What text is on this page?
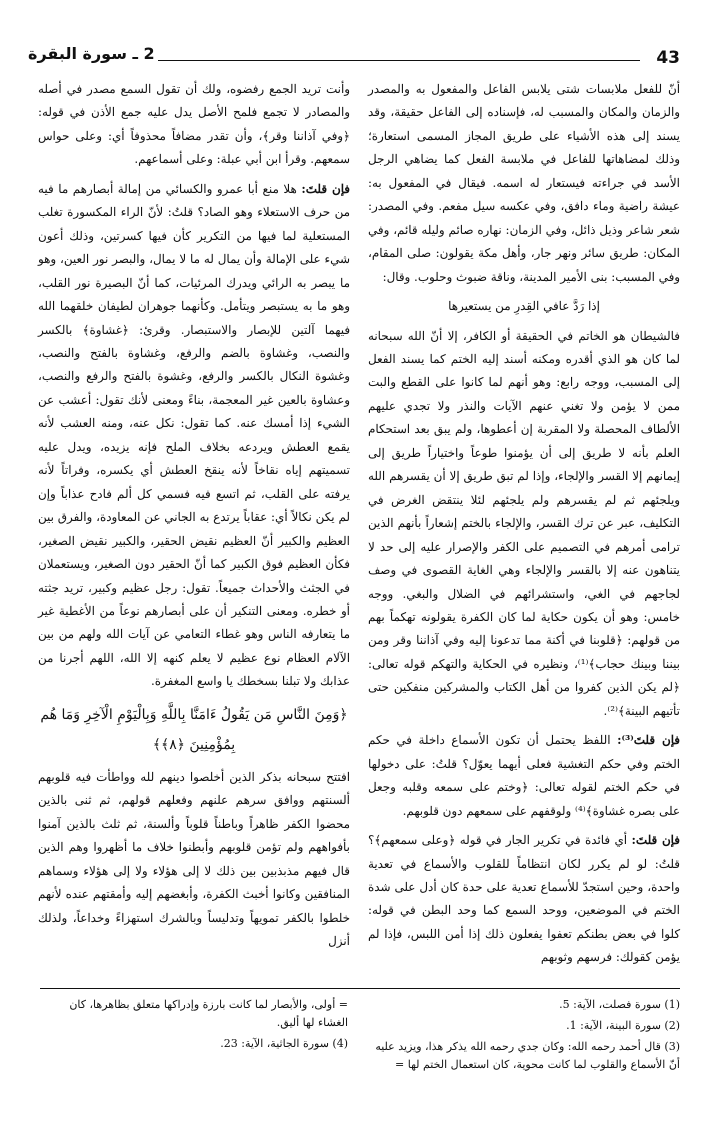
43
2 ـ سورة البقرة

أنّ للفعل ملابسات شتى يلابس الفاعل والمفعول به والمصدر والزمان والمكان والمسبب له، فإسناده إلى الفاعل حقيقة، وقد يسند إلى هذه الأشياء على طريق المجاز المسمى استعارة؛ وذلك لمضاهاتها للفاعل في ملابسة الفعل كما يضاهي الرجل الأسد في جراءته فيستعار له اسمه. فيقال في المفعول به: عيشة راضية وماء دافق، وفي عكسه سيل مفعم. وفي المصدر: شعر شاعر وذيل ذائل، وفي الزمان: نهاره صائم وليله قائم، وفي المكان: طريق سائر ونهر جار، وأهل مكة يقولون: صلى المقام، وفي المسبب: بنى الأمير المدينة، وناقة ضبوث وحلوب. وقال:

إذا رَدَّ عافي القِدرِ من يستعيرها

فالشيطان هو الخاتم في الحقيقة أو الكافر، إلا أنّ الله سبحانه لما كان هو الذي أقدره ومكنه أسند إليه الختم كما يسند الفعل إلى المسبب، ووجه رابع: وهو أنهم لما كانوا على القطع والبت ممن لا يؤمن ولا تغني عنهم الآيات والنذر ولا تجدي عليهم الألطاف المحصلة ولا المقربة إن أعطوها، ولم يبق بعد استحكام العلم بأنه لا طريق إلى أن يؤمنوا طوعاً واختياراً طريق إلى إيمانهم إلا القسر والإلجاء، وإذا لم تبق طريق إلا أن يقسرهم الله ويلجئهم ثم لم يقسرهم ولم يلجئهم لئلا ينتقض الغرض في التكليف، عبر عن ترك القسر، والإلجاء بالختم إشعاراً بأنهم الذين ترامى أمرهم في التصميم على الكفر والإصرار عليه إلى حد لا يتناهون عنه إلا بالقسر والإلجاء وهي الغاية القصوى في وصف لجاجهم في الغي، واستشرائهم في الضلال والبغي. ووجه خامس: وهو أن يكون حكاية لما كان الكفرة يقولونه تهكماً بهم من قولهم: ﴿قلوبنا في أكنة مما تدعونا إليه وفي آذاننا وقر ومن بيننا وبينك حجاب﴾⁽¹⁾، ونظيره في الحكاية والتهكم قوله تعالى: ﴿لم يكن الذين كفروا من أهل الكتاب والمشركين منفكين حتى تأتيهم البينة﴾⁽²⁾.

فإن قلتَ⁽³⁾: اللفظ يحتمل أن تكون الأسماع داخلة في حكم الختم وفي حكم التغشية فعلى أيهما يعوّل؟ قلتُ: على دخولها في حكم الختم لقوله تعالى: ﴿وختم على سمعه وقلبه وجعل على بصره غشاوة﴾⁽⁴⁾ ولوقفهم على سمعهم دون قلوبهم.

فإن قلتَ: أي فائدة في تكرير الجار في قوله ﴿وعلى سمعهم﴾؟ قلتُ: لو لم يكرر لكان انتظاماً للقلوب والأسماع في تعدية واحدة، وحين استجدّ للأسماع تعدية على حدة كان أدل على شدة الختم في الموضعين، ووحد السمع كما وحد البطن في قوله: كلوا في بعض بطنكم تعفوا يفعلون ذلك إذا أمن اللبس، فإذا لم يؤمن كقولك: فرسهم وثوبهم

وأنت تريد الجمع رفضوه، ولك أن تقول السمع مصدر في أصله والمصادر لا تجمع فلمح الأصل يدل عليه جمع الأذن في قوله: ﴿وفي آذاننا وقر﴾، وأن تقدر مضافاً محذوفاً أي: وعلى حواس سمعهم. وقرأ ابن أبي عبلة: وعلى أسماعهم.

فإن قلتَ: هلا منع أبا عمرو والكسائي من إمالة أبصارهم ما فيه من حرف الاستعلاء وهو الصاد؟ قلتُ: لأنّ الراء المكسورة تغلب المستعلية لما فيها من التكرير كأن فيها كسرتين، وذلك أعون شيء على الإمالة وأن يمال له ما لا يمال، والبصر نور العين، وهو ما يبصر به الرائي ويدرك المرئيات، كما أنّ البصيرة نور القلب، وهو ما به يستبصر ويتأمل. وكأنهما جوهران لطيفان خلقهما الله فيهما آلتين للإبصار والاستبصار. وقرئ: ﴿غشاوة﴾ بالكسر والنصب، وغشاوة بالضم والرفع، وغشاوة بالفتح والنصب، وغشوة النكال بالكسر والرفع، وغشوة بالفتح والرفع والنصب، وعشاوة بالعين غير المعجمة، بناءً ومعنى لأنك تقول: أعشب عن الشيء إذا أمسك عنه. كما تقول: نكل عنه، ومنه العشب لأنه يقمع العطش ويردعه بخلاف الملح فإنه يزيده، ويدل عليه تسميتهم إياه نقاخاً لأنه ينقخ العطش أي يكسره، وفراتاً لأنه يرفته على القلب، ثم اتسع فيه فسمي كل ألم فادح عذاباً وإن لم يكن نكالاً أي: عقاباً يرتدع به الجاني عن المعاودة، والفرق بين العظيم والكبير أنّ العظيم نقيض الحقير، والكبير نقيض الصغير، فكأن العظيم فوق الكبير كما أنّ الحقير دون الصغير، ويستعملان في الجثث والأحداث جميعاً. تقول: رجل عظيم وكبير، تريد جثته أو خطره. ومعنى التنكير أن على أبصارهم نوعاً من الأغطية غير ما يتعارفه الناس وهو غطاء التعامي عن آيات الله ولهم من بين الآلام العظام نوع عظيم لا يعلم كنهه إلا الله، اللهم أجرنا من عذابك ولا تبلنا بسخطك يا واسع المغفرة.

﴿وَمِنَ النَّاسِ مَن يَقُولُ ءَامَنَّا بِاللَّهِ وَبِالْيَوْمِ الْآخِرِ وَمَا هُم بِمُؤْمِنِينَ ﴿٨﴾﴾

افتتح سبحانه بذكر الذين أخلصوا دينهم لله وواطأت فيه قلوبهم ألسنتهم ووافق سرهم علنهم وفعلهم قولهم، ثم ثنى بالذين محضوا الكفر ظاهراً وباطناً قلوباً وألسنة، ثم ثلث بالذين آمنوا بأفواههم ولم تؤمن قلوبهم وأبطنوا خلاف ما أظهروا وهم الذين قال فيهم مذبذبين بين ذلك لا إلى هؤلاء ولا إلى هؤلاء وسماهم المنافقين وكانوا أخبث الكفرة، وأبغضهم إليه وأمقتهم عنده لأنهم خلطوا بالكفر تمويهاً وتدليساً وبالشرك استهزاءً وخداعاً، ولذلك أنزل

(1) سورة فصلت، الآية: 5.
(2) سورة البينة، الآية: 1.
(3) قال أحمد رحمه الله: وكان جدي رحمه الله يذكر هذا، ويزيد عليه أنّ الأسماع والقلوب لما كانت محوية، كان استعمال الختم لها =
= أولى، والأبصار لما كانت بارزة وإدراكها متعلق بظاهرها، كان الغشاء لها أليق.
(4) سورة الجاثية، الآية: 23.
